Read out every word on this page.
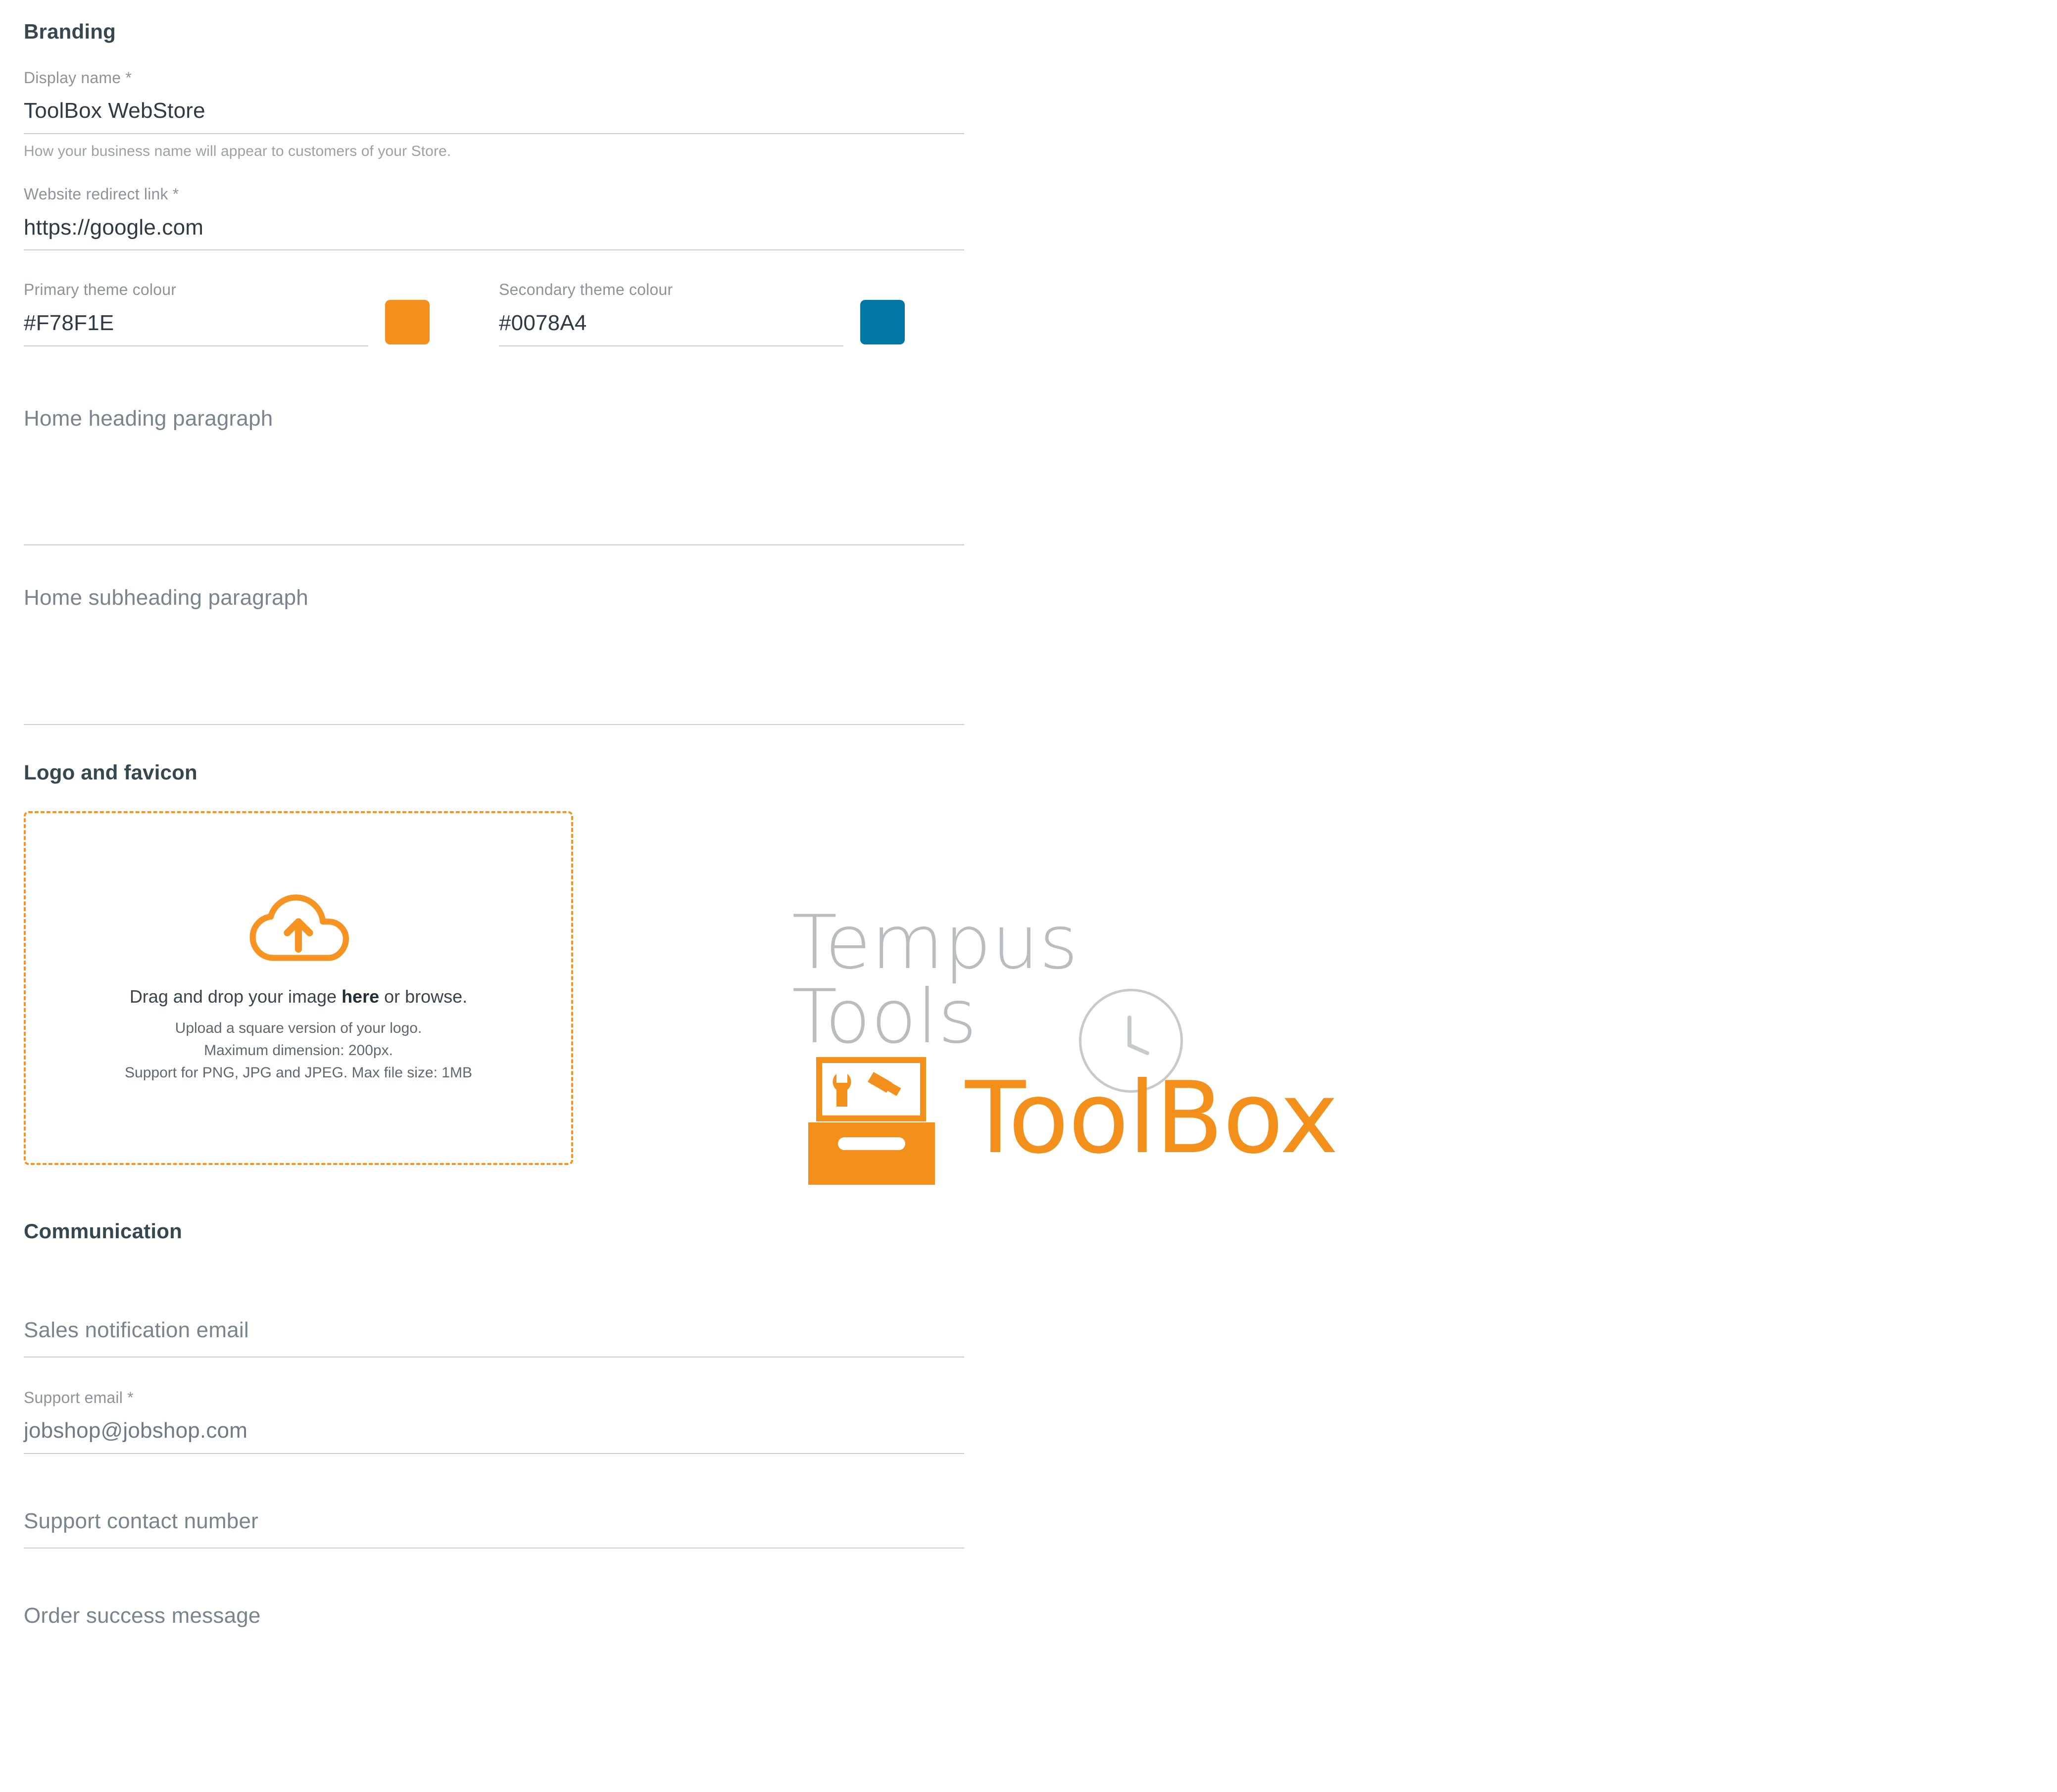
Branding
Display name *
ToolBox WebStore
How your business name will appear to customers of your Store.
Website redirect link *
https://google.com
Primary theme colour
#F78F1E
Secondary theme colour
#0078A4
Home heading paragraph
Home subheading paragraph
Logo and favicon
Drag and drop your image here or browse.
Upload a square version of your logo.
Maximum dimension: 200px.
Support for PNG, JPG and JPEG. Max file size: 1MB
Tempus
Tools
ToolBox
Communication
Sales notification email
Support email *
jobshop@jobshop.com
Support contact number
Order success message
